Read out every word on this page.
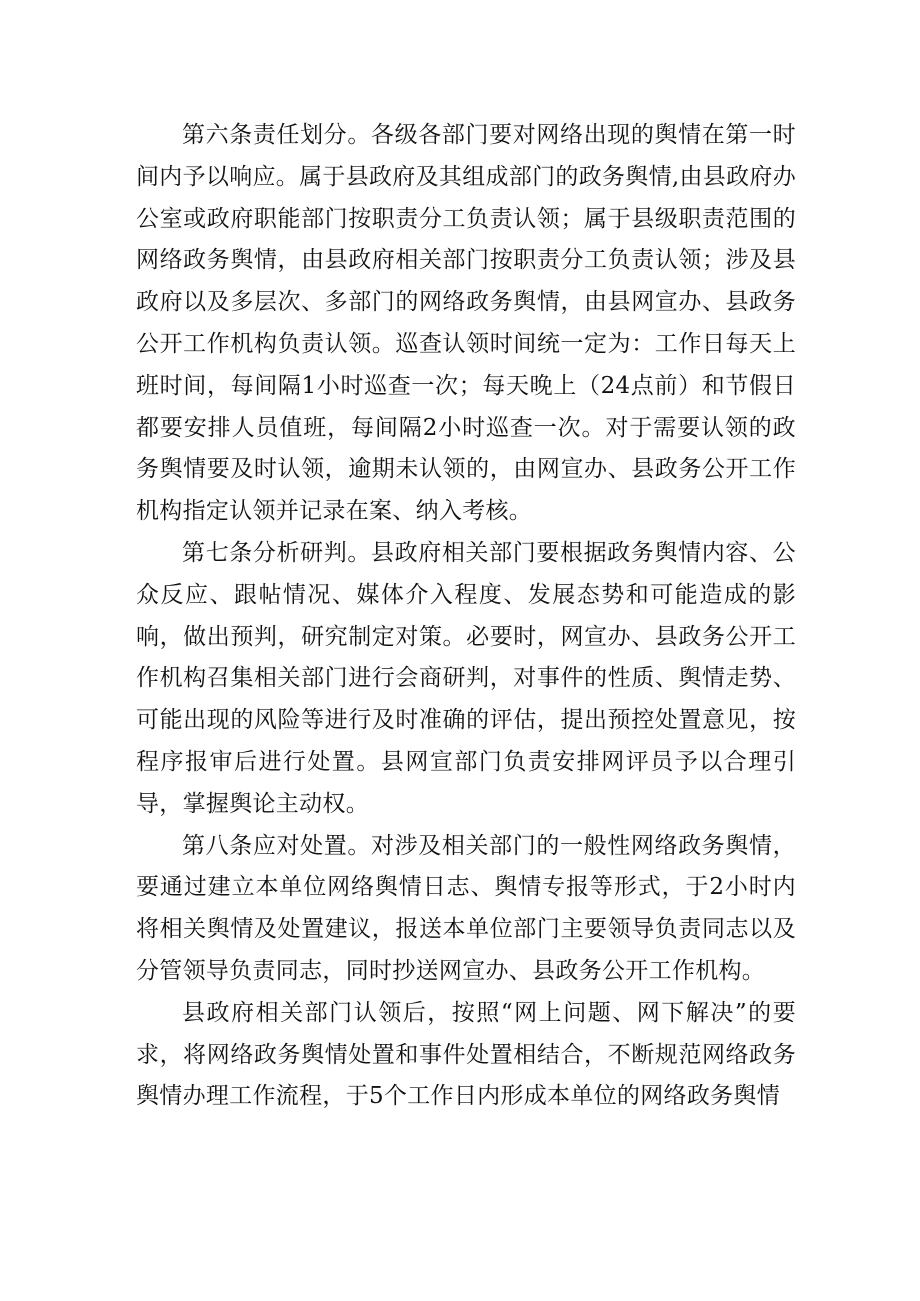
第六条责任划分。各级各部门要对网络出现的舆情在第一时间内予以响应。属于县政府及其组成部门的政务舆情,由县政府办公室或政府职能部门按职责分工负责认领；属于县级职责范围的网络政务舆情，由县政府相关部门按职责分工负责认领；涉及县政府以及多层次、多部门的网络政务舆情，由县网宣办、县政务公开工作机构负责认领。巡查认领时间统一定为：工作日每天上班时间，每间隔1小时巡查一次；每天晚上（24点前）和节假日都要安排人员值班，每间隔2小时巡查一次。对于需要认领的政务舆情要及时认领，逾期未认领的，由网宣办、县政务公开工作机构指定认领并记录在案、纳入考核。

第七条分析研判。县政府相关部门要根据政务舆情内容、公众反应、跟帖情况、媒体介入程度、发展态势和可能造成的影响，做出预判，研究制定对策。必要时，网宣办、县政务公开工作机构召集相关部门进行会商研判，对事件的性质、舆情走势、可能出现的风险等进行及时准确的评估，提出预控处置意见，按程序报审后进行处置。县网宣部门负责安排网评员予以合理引导，掌握舆论主动权。

第八条应对处置。对涉及相关部门的一般性网络政务舆情，要通过建立本单位网络舆情日志、舆情专报等形式，于2小时内将相关舆情及处置建议，报送本单位部门主要领导负责同志以及分管领导负责同志，同时抄送网宣办、县政务公开工作机构。

县政府相关部门认领后，按照“网上问题、网下解决”的要求，将网络政务舆情处置和事件处置相结合，不断规范网络政务舆情办理工作流程，于5个工作日内形成本单位的网络政务舆情
